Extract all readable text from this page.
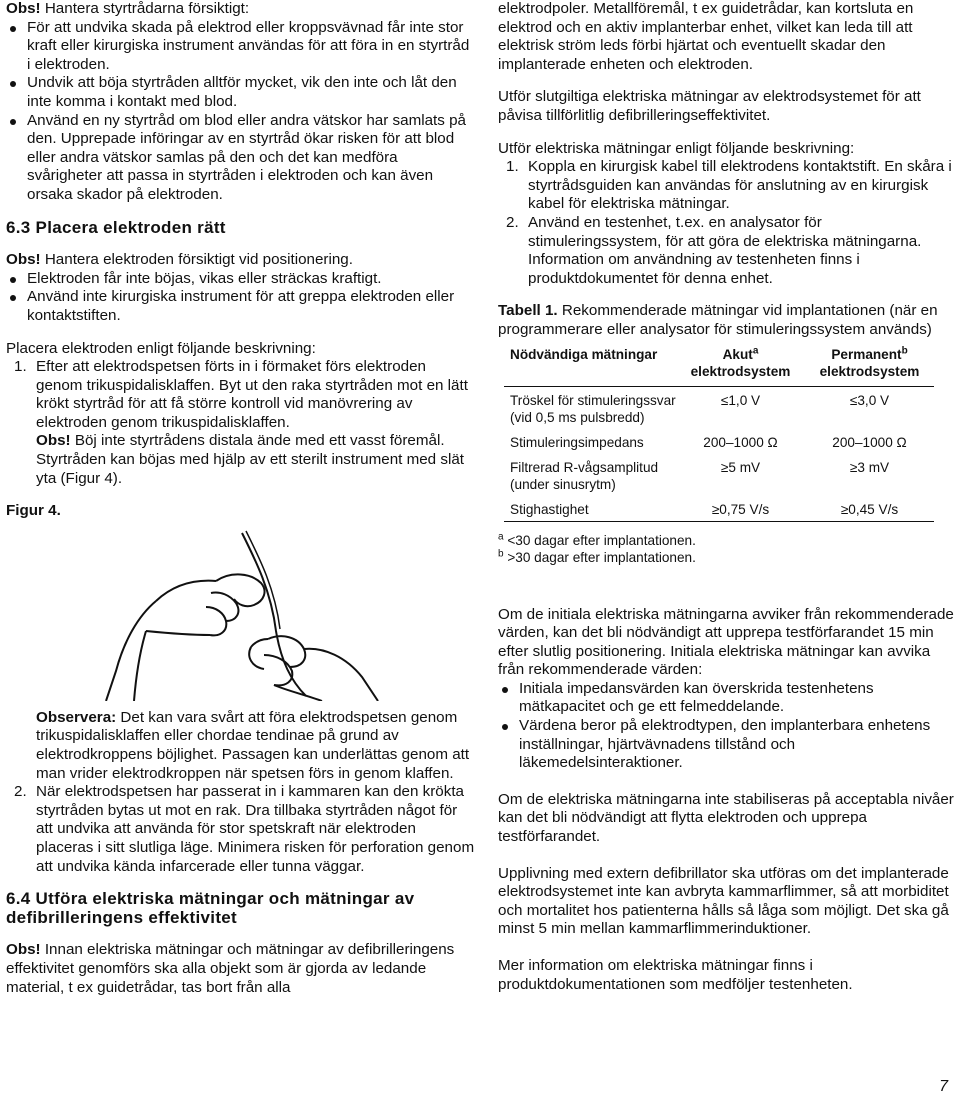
Obs! Hantera styrtrådarna försiktigt:

För att undvika skada på elektrod eller kroppsvävnad får inte stor kraft eller kirurgiska instrument användas för att föra in en styrtråd i elektroden.
Undvik att böja styrtråden alltför mycket, vik den inte och låt den inte komma i kontakt med blod.
Använd en ny styrtråd om blod eller andra vätskor har samlats på den. Upprepade införingar av en styrtråd ökar risken för att blod eller andra vätskor samlas på den och det kan medföra svårigheter att passa in styrtråden i elektroden och kan även orsaka skador på elektroden.
6.3 Placera elektroden rätt

Obs! Hantera elektroden försiktigt vid positionering.

Elektroden får inte böjas, vikas eller sträckas kraftigt.
Använd inte kirurgiska instrument för att greppa elektroden eller kontaktstiften.

Placera elektroden enligt följande beskrivning:

1. Efter att elektrodspetsen förts in i förmaket förs elektroden genom trikuspidalisklaffen. Byt ut den raka styrtråden mot en lätt krökt styrtråd för att få större kontroll vid manövrering av elektroden genom trikuspidalisklaffen.
Obs! Böj inte styrtrådens distala ände med ett vasst föremål. Styrtråden kan böjas med hjälp av ett sterilt instrument med slät yta (Figur 4).

Figur 4.

Observera: Det kan vara svårt att föra elektrodspetsen genom trikuspidalisklaffen eller chordae tendinae på grund av elektrodkroppens böjlighet. Passagen kan underlättas genom att man vrider elektrodkroppen när spetsen förs in genom klaffen.

2. När elektrodspetsen har passerat in i kammaren kan den krökta styrtråden bytas ut mot en rak. Dra tillbaka styrtråden något för att undvika att använda för stor spetskraft när elektroden placeras i sitt slutliga läge. Minimera risken för perforation genom att undvika kända infarcerade eller tunna väggar.
6.4 Utföra elektriska mätningar och mätningar av defibrilleringens effektivitet

Obs! Innan elektriska mätningar och mätningar av defibrilleringens effektivitet genomförs ska alla objekt som är gjorda av ledande material, t ex guidetrådar, tas bort från alla

elektrodpoler. Metallföremål, t ex guidetrådar, kan kortsluta en elektrod och en aktiv implanterbar enhet, vilket kan leda till att elektrisk ström leds förbi hjärtat och eventuellt skadar den implanterade enheten och elektroden.

Utför slutgiltiga elektriska mätningar av elektrodsystemet för att påvisa tillförlitlig defibrilleringseffektivitet.

Utför elektriska mätningar enligt följande beskrivning:

1. Koppla en kirurgisk kabel till elektrodens kontaktstift. En skåra i styrtrådsguiden kan användas för anslutning av en kirurgisk kabel för elektriska mätningar.
2. Använd en testenhet, t.ex. en analysator för stimuleringssystem, för att göra de elektriska mätningarna. Information om användning av testenheten finns i produktdokumentet för denna enhet.

Tabell 1. Rekommenderade mätningar vid implantationen (när en programmerare eller analysator för stimuleringssystem används)

Nödvändiga mätningar	Akut$^a$ elektrodsystem	Permanent$^b$ elektrodsystem
Tröskel för stimuleringssvar (vid 0,5 ms pulsbredd)	≤1,0 V	≤3,0 V
Stimuleringsimpedans	200–1000 Ω	200–1000 Ω
Filtrerad R-vågsamplitud (under sinusrytm)	≥5 mV	≥3 mV
Stighastighet	≥0,75 V/s	≥0,45 V/s

$^a$ <30 dagar efter implantationen.

$^b$ >30 dagar efter implantationen.

Om de initiala elektriska mätningarna avviker från rekommenderade värden, kan det bli nödvändigt att upprepa testförfarandet 15 min efter slutlig positionering. Initiala elektriska mätningar kan avvika från rekommenderade värden:

Initiala impedansvärden kan överskrida testenhetens mätkapacitet och ge ett felmeddelande.
Värdena beror på elektrodtypen, den implanterbara enhetens inställningar, hjärtvävnadens tillstånd och läkemedelsinteraktioner.

Om de elektriska mätningarna inte stabiliseras på acceptabla nivåer kan det bli nödvändigt att flytta elektroden och upprepa testförfarandet.

Upplivning med extern defibrillator ska utföras om det implanterade elektrodsystemet inte kan avbryta kammarflimmer, så att morbiditet och mortalitet hos patienterna hålls så låga som möjligt. Det ska gå minst 5 min mellan kammarflimmerinduktioner.

Mer information om elektriska mätningar finns i produktdokumentationen som medföljer testenheten.

7
